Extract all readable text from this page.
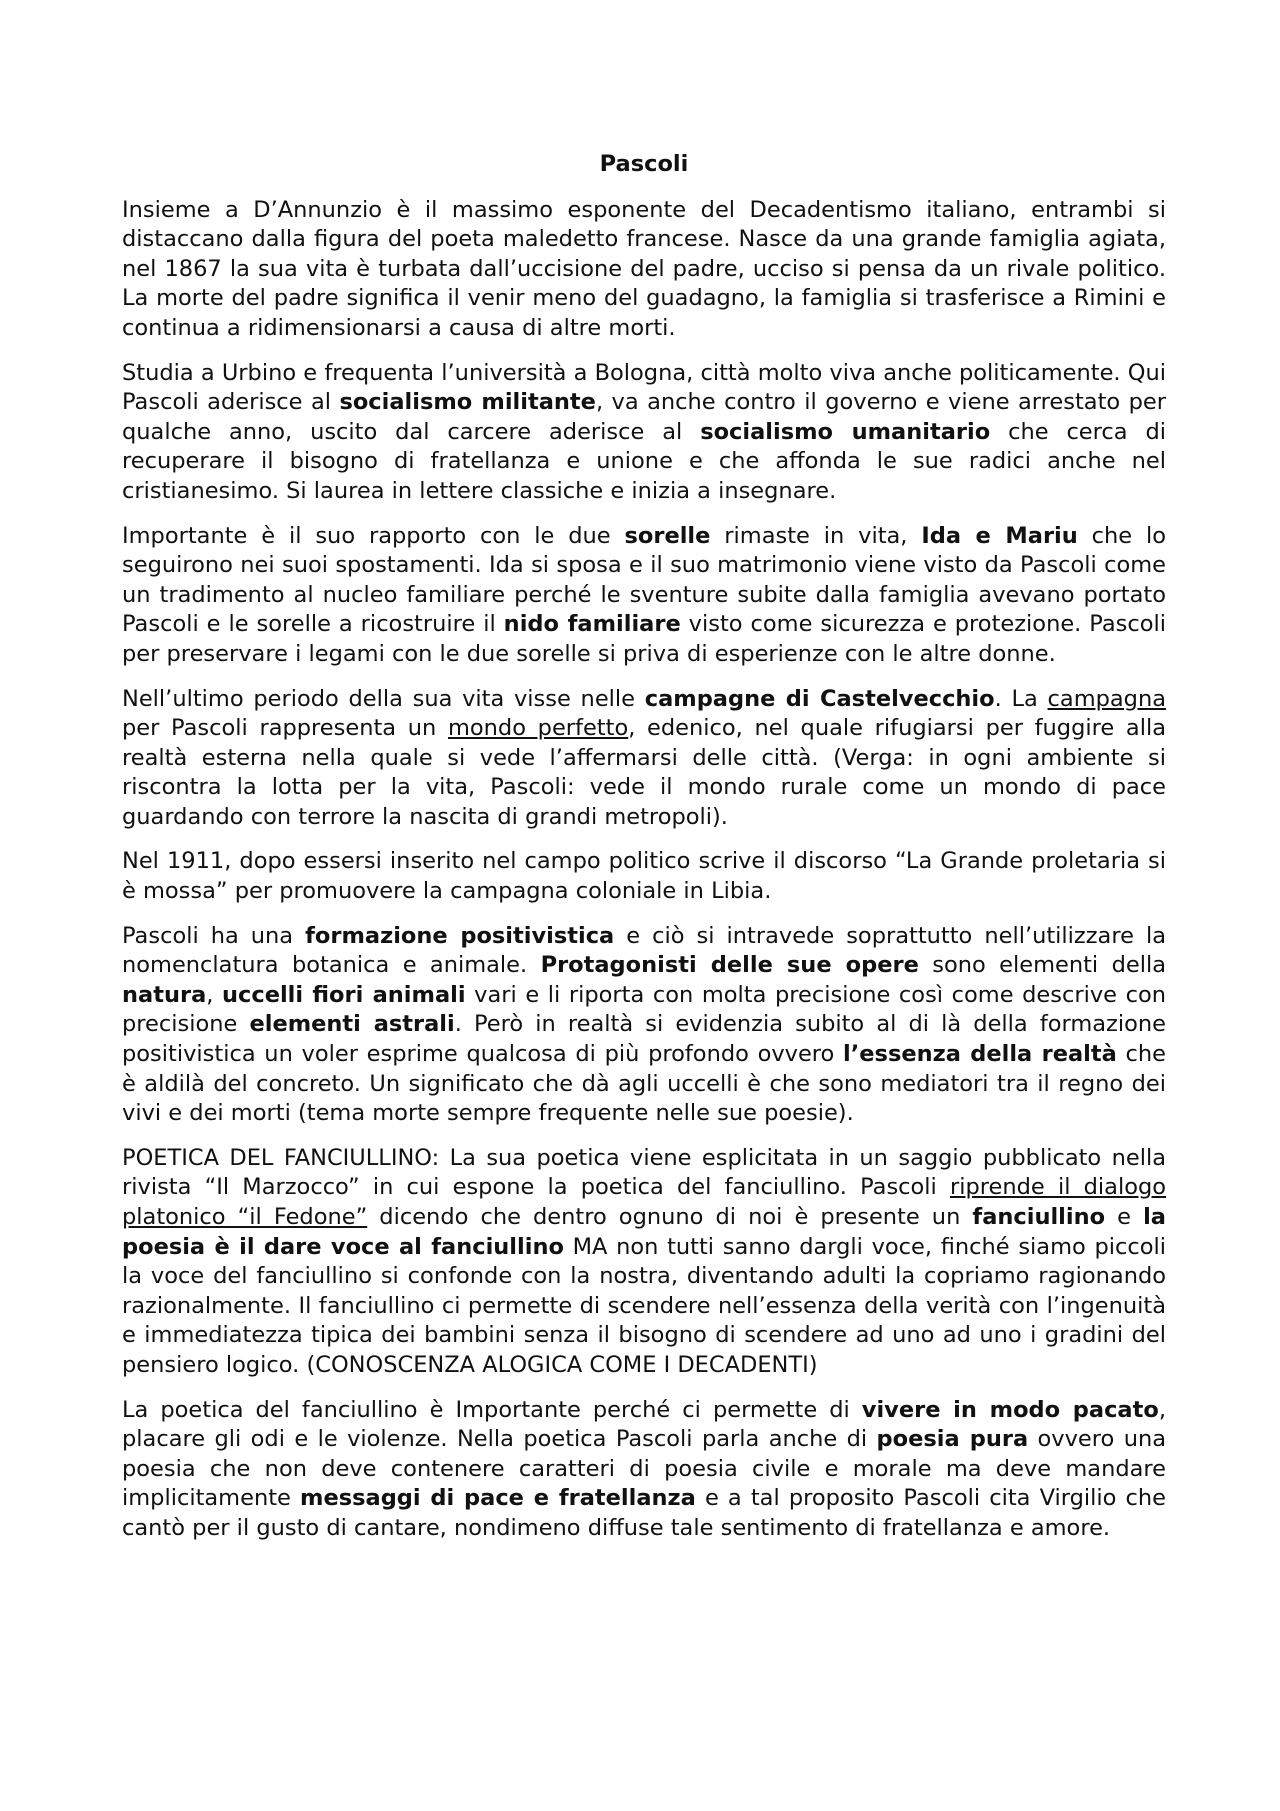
Pascoli

Insieme a D’Annunzio è il massimo esponente del Decadentismo italiano, entrambi si distaccano dalla figura del poeta maledetto francese. Nasce da una grande famiglia agiata, nel 1867 la sua vita è turbata dall’uccisione del padre, ucciso si pensa da un rivale politico. La morte del padre significa il venir meno del guadagno, la famiglia si trasferisce a Rimini e continua a ridimensionarsi a causa di altre morti.

Studia a Urbino e frequenta l’università a Bologna, città molto viva anche politicamente. Qui Pascoli aderisce al socialismo militante, va anche contro il governo e viene arrestato per qualche anno, uscito dal carcere aderisce al socialismo umanitario che cerca di recuperare il bisogno di fratellanza e unione e che affonda le sue radici anche nel cristianesimo. Si laurea in lettere classiche e inizia a insegnare.

Importante è il suo rapporto con le due sorelle rimaste in vita, Ida e Mariu che lo seguirono nei suoi spostamenti. Ida si sposa e il suo matrimonio viene visto da Pascoli come un tradimento al nucleo familiare perché le sventure subite dalla famiglia avevano portato Pascoli e le sorelle a ricostruire il nido familiare visto come sicurezza e protezione. Pascoli per preservare i legami con le due sorelle si priva di esperienze con le altre donne.

Nell’ultimo periodo della sua vita visse nelle campagne di Castelvecchio. La campagna per Pascoli rappresenta un mondo perfetto, edenico, nel quale rifugiarsi per fuggire alla realtà esterna nella quale si vede l’affermarsi delle città. (Verga: in ogni ambiente si riscontra la lotta per la vita, Pascoli: vede il mondo rurale come un mondo di pace guardando con terrore la nascita di grandi metropoli).

Nel 1911, dopo essersi inserito nel campo politico scrive il discorso “La Grande proletaria si è mossa” per promuovere la campagna coloniale in Libia.

Pascoli ha una formazione positivistica e ciò si intravede soprattutto nell’utilizzare la nomenclatura botanica e animale. Protagonisti delle sue opere sono elementi della natura, uccelli fiori animali vari e li riporta con molta precisione così come descrive con precisione elementi astrali. Però in realtà si evidenzia subito al di là della formazione positivistica un voler esprime qualcosa di più profondo ovvero l’essenza della realtà che è aldilà del concreto. Un significato che dà agli uccelli è che sono mediatori tra il regno dei vivi e dei morti (tema morte sempre frequente nelle sue poesie).

POETICA DEL FANCIULLINO: La sua poetica viene esplicitata in un saggio pubblicato nella rivista “Il Marzocco” in cui espone la poetica del fanciullino. Pascoli riprende il dialogo platonico “il Fedone” dicendo che dentro ognuno di noi è presente un fanciullino e la poesia è il dare voce al fanciullino MA non tutti sanno dargli voce, finché siamo piccoli la voce del fanciullino si confonde con la nostra, diventando adulti la copriamo ragionando razionalmente. Il fanciullino ci permette di scendere nell’essenza della verità con l’ingenuità e immediatezza tipica dei bambini senza il bisogno di scendere ad uno ad uno i gradini del pensiero logico. (CONOSCENZA ALOGICA COME I DECADENTI)

La poetica del fanciullino è Importante perché ci permette di vivere in modo pacato, placare gli odi e le violenze. Nella poetica Pascoli parla anche di poesia pura ovvero una poesia che non deve contenere caratteri di poesia civile e morale ma deve mandare implicitamente messaggi di pace e fratellanza e a tal proposito Pascoli cita Virgilio che cantò per il gusto di cantare, nondimeno diffuse tale sentimento di fratellanza e amore.
